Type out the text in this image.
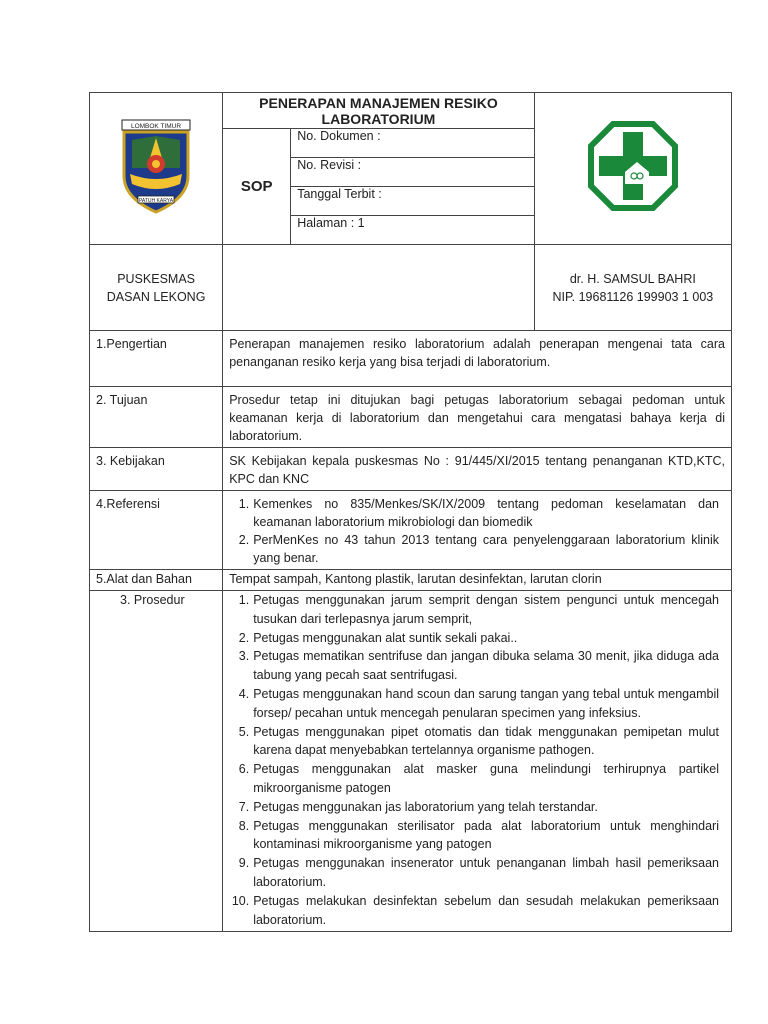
LOMBOK TIMUR
PATUH KARYA

PENERAPAN MANAJEMEN RESIKO
LABORATORIUM
SOP	No. Dokumen :
No. Revisi :
Tanggal Terbit :
Halaman : 1

PUSKESMAS
DASAN LEKONG

dr. H. SAMSUL BAHRI
NIP. 19681126 199903 1 003

1.Pengertian	Penerapan manajemen resiko laboratorium adalah penerapan mengenai tata cara penanganan resiko kerja yang bisa terjadi di laboratorium.
2. Tujuan	Prosedur tetap ini ditujukan bagi petugas laboratorium sebagai pedoman untuk keamanan kerja di laboratorium dan mengetahui cara mengatasi bahaya kerja di laboratorium.
3. Kebijakan	SK Kebijakan kepala puskesmas No : 91/445/XI/2015 tentang penanganan KTD,KTC, KPC dan KNC
4.Referensi	1. Kemenkes no 835/Menkes/SK/IX/2009 tentang pedoman keselamatan dan keamanan laboratorium mikrobiologi dan biomedik
2. PerMenKes no 43 tahun 2013 tentang cara penyelenggaraan laboratorium klinik yang benar.

5.Alat dan Bahan	Tempat sampah, Kantong plastik, larutan desinfektan, larutan clorin
3. Prosedur	1. Petugas menggunakan jarum semprit dengan sistem pengunci untuk mencegah tusukan dari terlepasnya jarum semprit,
2. Petugas menggunakan alat suntik sekali pakai..
3. Petugas mematikan sentrifuse dan jangan dibuka selama 30 menit, jika diduga ada tabung yang pecah saat sentrifugasi.
4. Petugas menggunakan hand scoun dan sarung tangan yang tebal untuk mengambil forsep/ pecahan untuk mencegah penularan specimen yang infeksius.
5. Petugas menggunakan pipet otomatis dan tidak menggunakan pemipetan mulut karena dapat menyebabkan tertelannya organisme pathogen.
6. Petugas menggunakan alat masker guna melindungi terhirupnya partikel mikroorganisme patogen
7. Petugas menggunakan jas laboratorium yang telah terstandar.
8. Petugas menggunakan sterilisator pada alat laboratorium untuk menghindari kontaminasi mikroorganisme yang patogen
9. Petugas menggunakan insenerator untuk penanganan limbah hasil pemeriksaan laboratorium.
10. Petugas melakukan desinfektan sebelum dan sesudah melakukan pemeriksaan laboratorium.
